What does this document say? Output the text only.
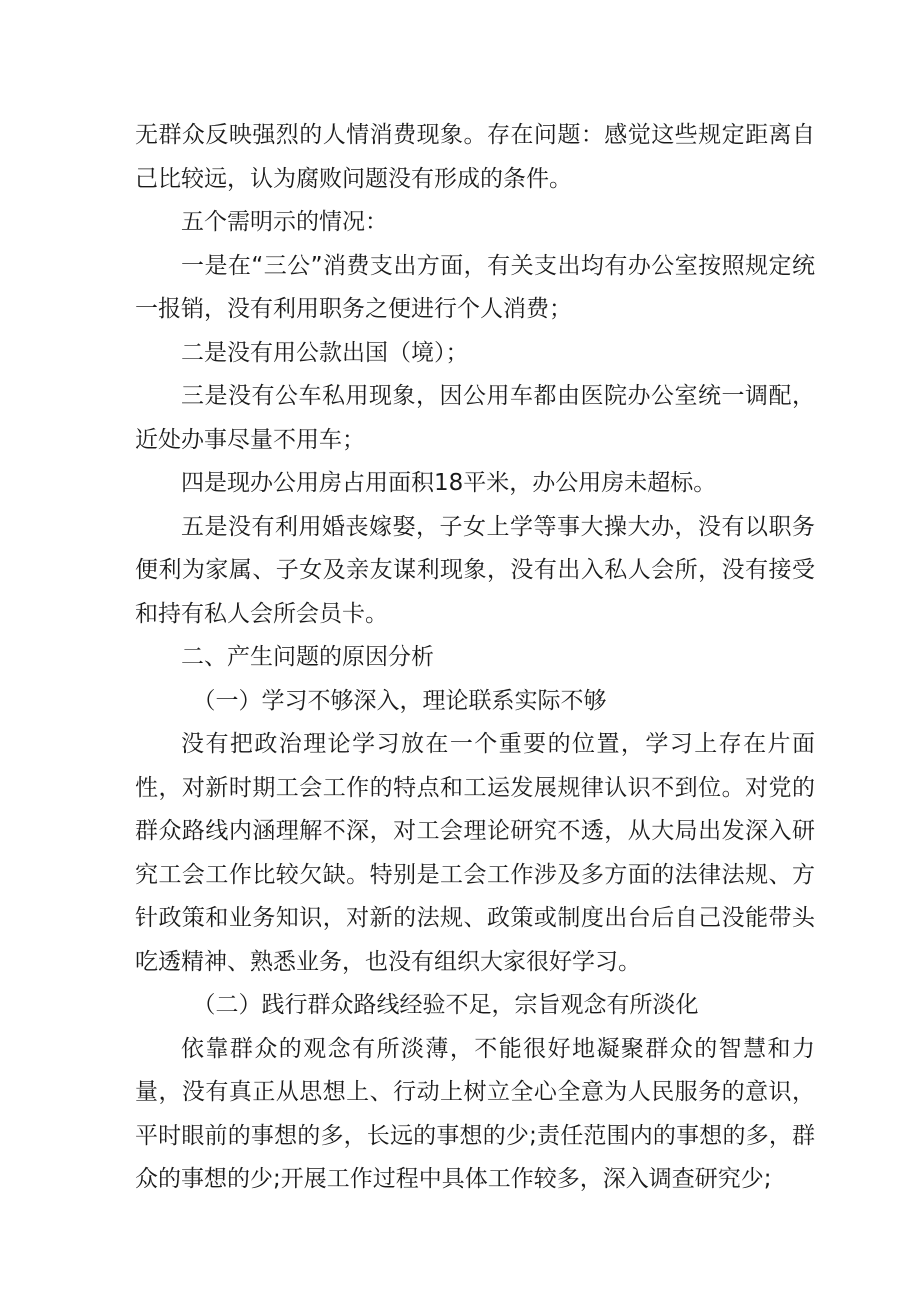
无群众反映强烈的人情消费现象。存在问题：感觉这些规定距离自己比较远，认为腐败问题没有形成的条件。

五个需明示的情况：

一是在“三公”消费支出方面，有关支出均有办公室按照规定统一报销，没有利用职务之便进行个人消费；

二是没有用公款出国（境）；

三是没有公车私用现象，因公用车都由医院办公室统一调配，近处办事尽量不用车；

四是现办公用房占用面积18平米，办公用房未超标。

五是没有利用婚丧嫁娶，子女上学等事大操大办，没有以职务便利为家属、子女及亲友谋利现象，没有出入私人会所，没有接受和持有私人会所会员卡。

二、产生问题的原因分析

（一）学习不够深入，理论联系实际不够

没有把政治理论学习放在一个重要的位置，学习上存在片面性，对新时期工会工作的特点和工运发展规律认识不到位。对党的群众路线内涵理解不深，对工会理论研究不透，从大局出发深入研究工会工作比较欠缺。特别是工会工作涉及多方面的法律法规、方针政策和业务知识，对新的法规、政策或制度出台后自己没能带头吃透精神、熟悉业务，也没有组织大家很好学习。

（二）践行群众路线经验不足，宗旨观念有所淡化

依靠群众的观念有所淡薄，不能很好地凝聚群众的智慧和力量，没有真正从思想上、行动上树立全心全意为人民服务的意识，平时眼前的事想的多，长远的事想的少;责任范围内的事想的多，群众的事想的少;开展工作过程中具体工作较多，深入调查研究少;
